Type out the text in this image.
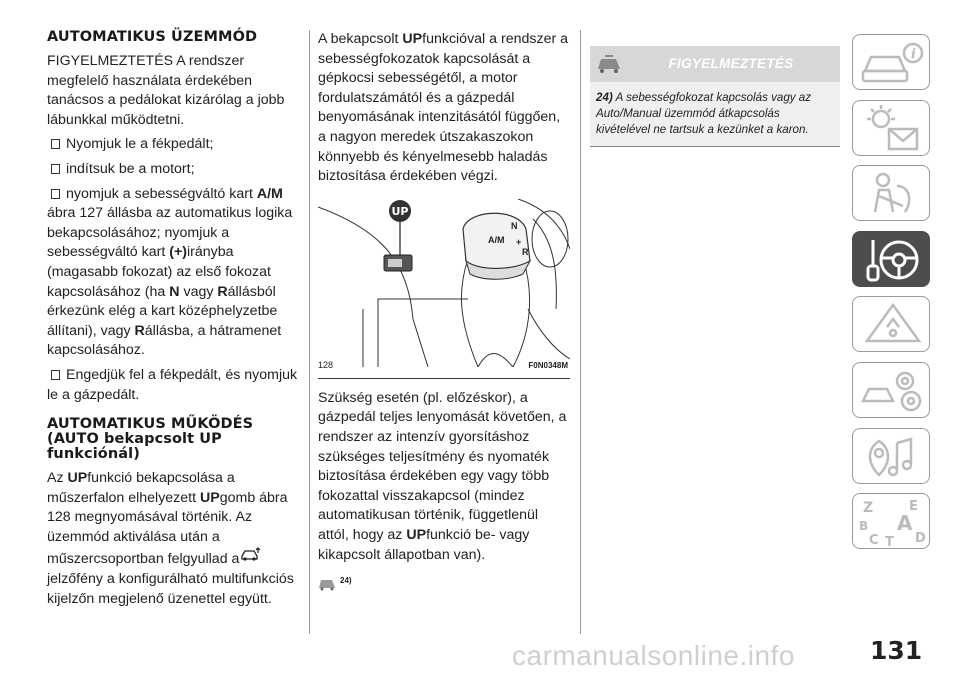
AUTOMATIKUS ÜZEMMÓD

FIGYELMEZTETÉS A rendszer megfelelő használata érdekében tanácsos a pedálokat kizárólag a jobb lábunkkal működtetni.

Nyomjuk le a fékpedált;
indítsuk be a motort;
nyomjuk a sebességváltó kart A/M ábra 127 állásba az automatikus logika bekapcsolásához; nyomjuk a sebességváltó kart (+)irányba (magasabb fokozat) az első fokozat kapcsolásához (ha N vagy Rállásból érkezünk elég a kart középhelyzetbe állítani), vagy Rállásba, a hátramenet kapcsolásához.
Engedjük fel a fékpedált, és nyomjuk le a gázpedált.
AUTOMATIKUS MŰKÖDÉS (AUTO bekapcsolt UP funkciónál)

Az UPfunkció bekapcsolása a műszerfalon elhelyezett UPgomb ábra 128 megnyomásával történik. Az üzemmód aktiválása után a műszercsoportban felgyullad a jelzőfény a konfigurálható multifunkciós kijelzőn megjelenő üzenettel együtt.

A bekapcsolt UPfunkcióval a rendszer a sebességfokozatok kapcsolását a gépkocsi sebességétől, a motor fordulatszámától és a gázpedál benyomásának intenzitásától függően, a nagyon meredek útszakaszokon könnyebb és kényelmesebb haladás biztosítása érdekében végzi.

UP
N
A/M +
R
128	F0N0348M

Szükség esetén (pl. előzéskor), a gázpedál teljes lenyomását követően, a rendszer az intenzív gyorsításhoz szükséges teljesítmény és nyomaték biztosítása érdekében egy vagy több fokozattal visszakapcsol (mindez automatikusan történik, függetlenül attól, hogy az UPfunkció be- vagy kikapcsolt állapotban van).

24)
FIGYELMEZTETÉS
24) A sebességfokozat kapcsolás vagy az Auto/Manual üzemmód átkapcsolás kivételével ne tartsuk a kezünket a karon.
i
Z	E
B A
C T D
carmanualsonline.info	131
